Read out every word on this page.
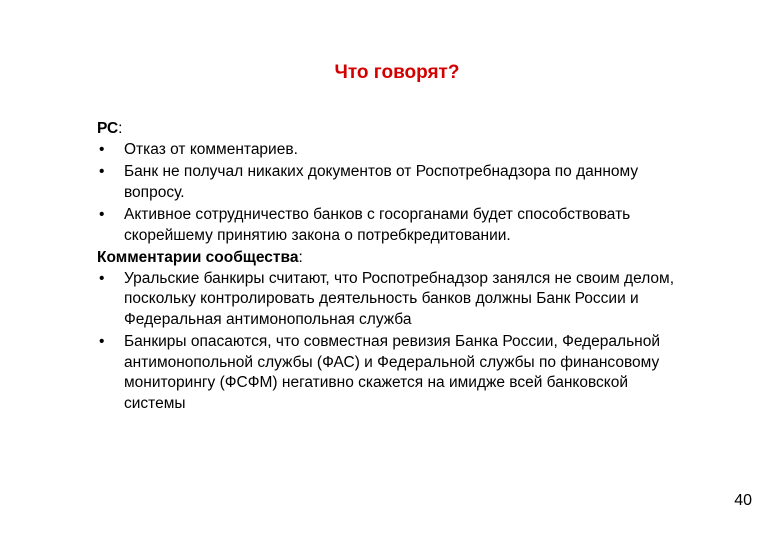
Что говорят?

РС:

• Отказ от комментариев.
• Банк не получал никаких документов от Роспотребнадзора по данному вопросу.
• Активное сотрудничество банков с госорганами будет способствовать скорейшему принятию закона о потребкредитовании.

Комментарии сообщества:

• Уральские банкиры считают, что Роспотребнадзор занялся не своим делом, поскольку контролировать деятельность банков должны Банк России и Федеральная антимонопольная служба
• Банкиры опасаются, что совместная ревизия Банка России, Федеральной антимонопольной службы (ФАС) и Федеральной службы по финансовому мониторингу (ФСФМ) негативно скажется на имидже всей банковской системы
40
